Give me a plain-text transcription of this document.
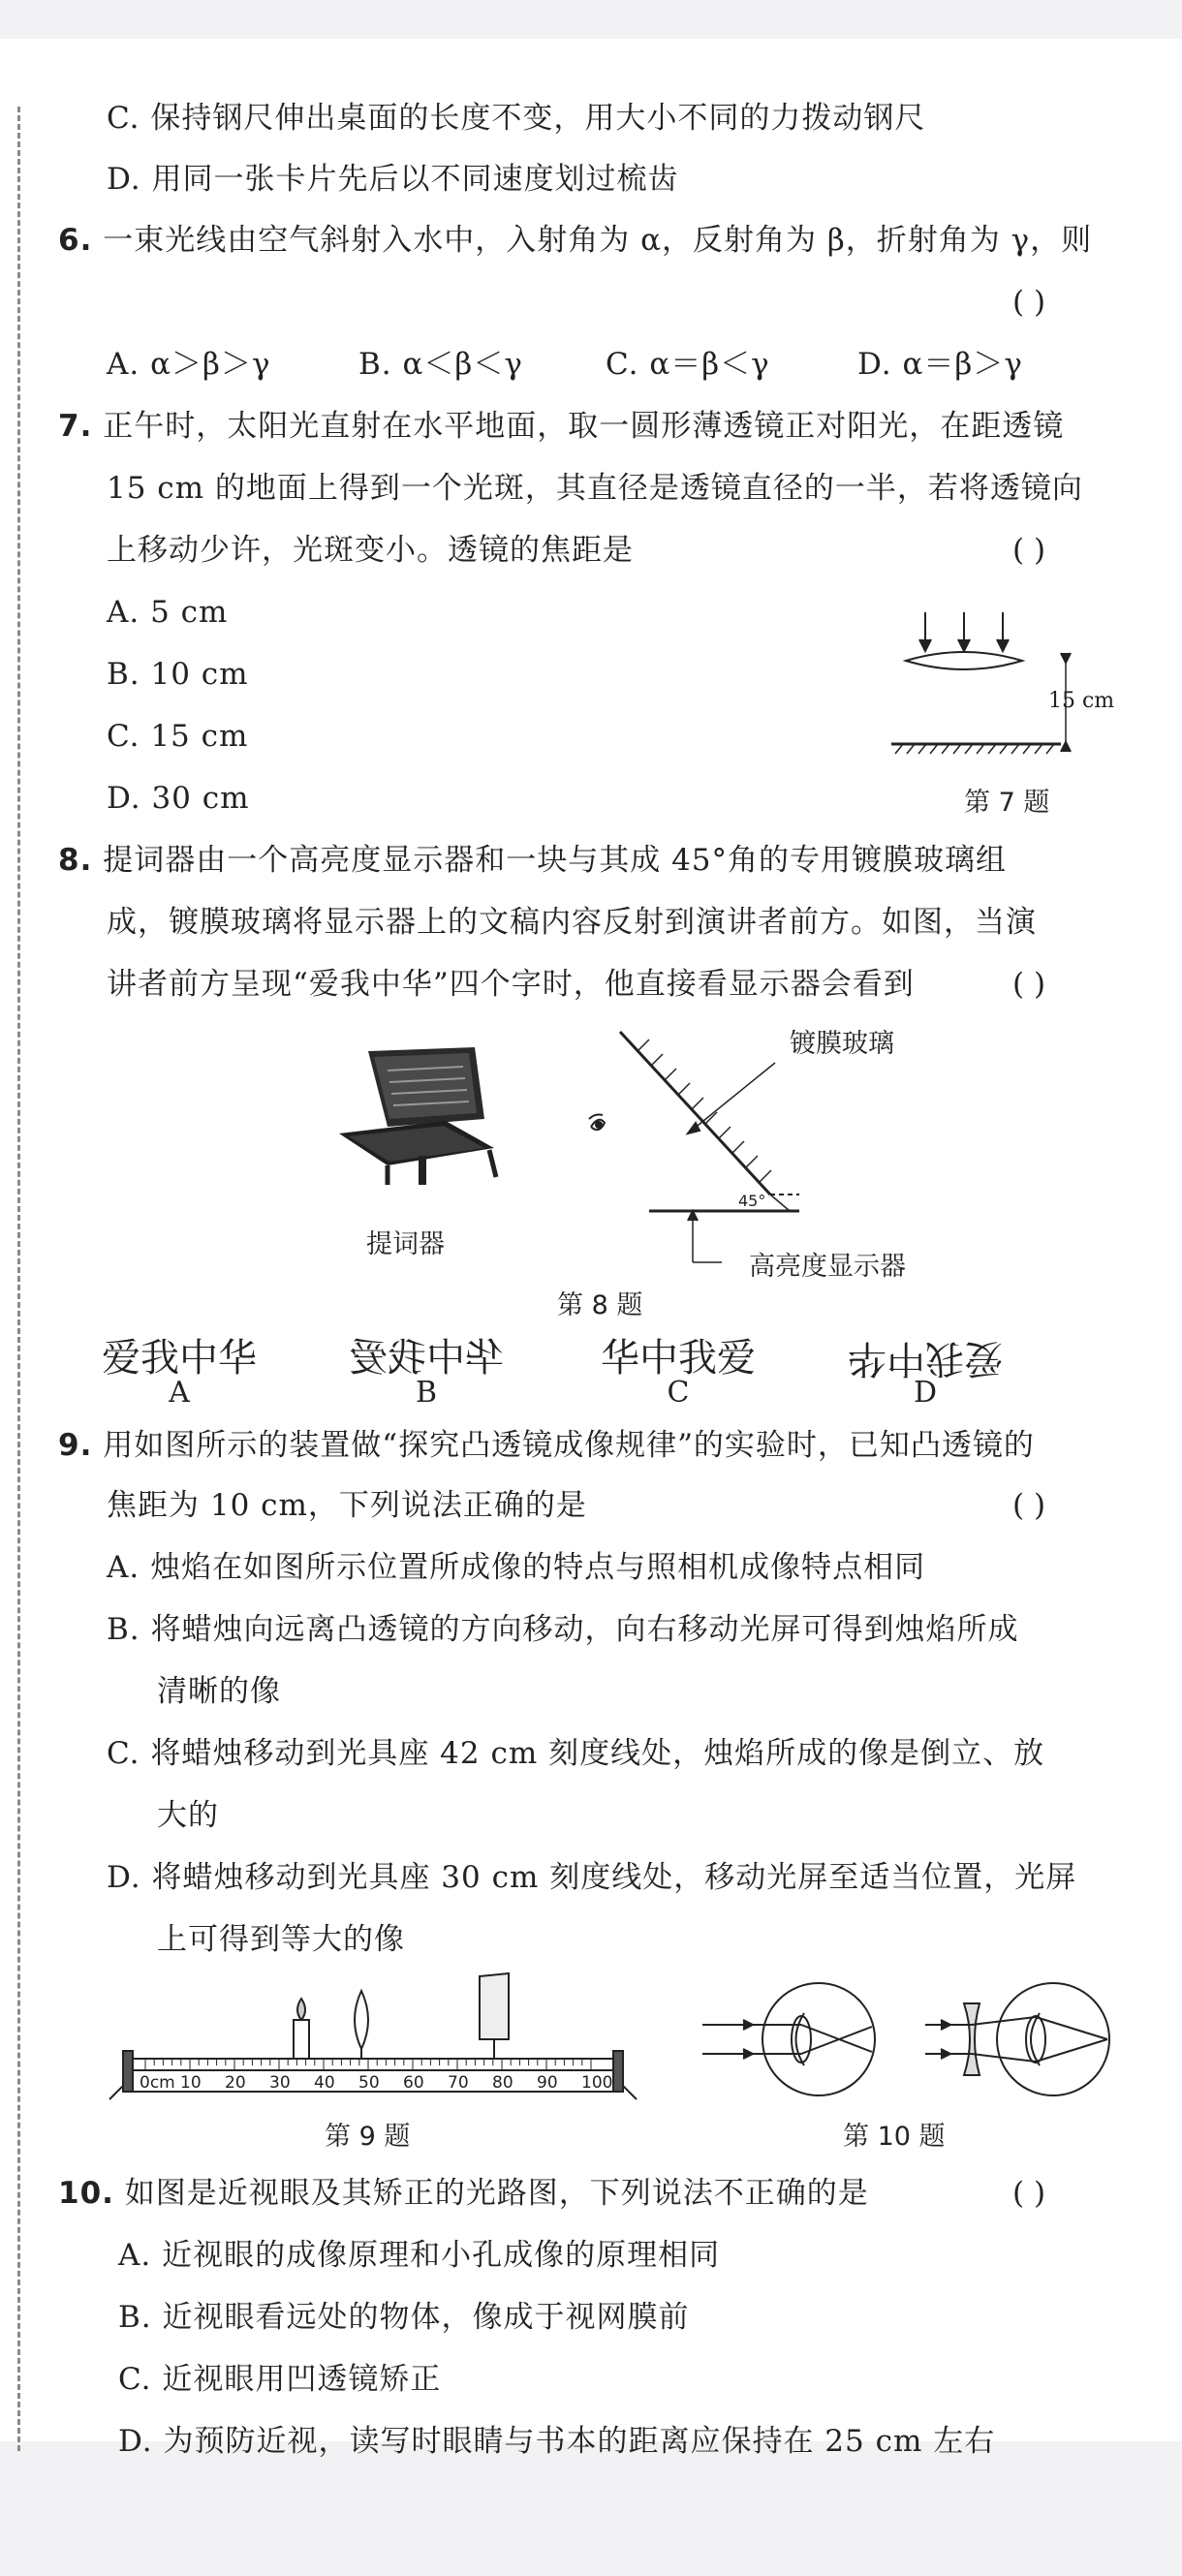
C. 保持钢尺伸出桌面的长度不变，用大小不同的力拨动钢尺
D. 用同一张卡片先后以不同速度划过梳齿
6. 一束光线由空气斜射入水中，入射角为 α，反射角为 β，折射角为 γ，则
( )
A. α＞β＞γ	B. α＜β＜γ	C. α＝β＜γ	D. α＝β＞γ
7. 正午时，太阳光直射在水平地面，取一圆形薄透镜正对阳光，在距透镜
15 cm 的地面上得到一个光斑，其直径是透镜直径的一半，若将透镜向
上移动少许，光斑变小。透镜的焦距是	( )
A. 5 cm
B. 10 cm
C. 15 cm
D. 30 cm
15 cm
第 7 题
8. 提词器由一个高亮度显示器和一块与其成 45°角的专用镀膜玻璃组
成，镀膜玻璃将显示器上的文稿内容反射到演讲者前方。如图，当演
讲者前方呈现“爱我中华”四个字时，他直接看显示器会看到	( )
提词器
45°
镀膜玻璃
高亮度显示器
第 8 题
爱我中华 华中我爱	华中我爱 爱我中华
A	B	C	D
9. 用如图所示的装置做“探究凸透镜成像规律”的实验时，已知凸透镜的
焦距为 10 cm，下列说法正确的是	( )
A. 烛焰在如图所示位置所成像的特点与照相机成像特点相同
B. 将蜡烛向远离凸透镜的方向移动，向右移动光屏可得到烛焰所成
清晰的像
C. 将蜡烛移动到光具座 42 cm 刻度线处，烛焰所成的像是倒立、放
大的
D. 将蜡烛移动到光具座 30 cm 刻度线处，移动光屏至适当位置，光屏
上可得到等大的像
0cm 10 20 30 40 50 60 70 80 90 100
第 9 题	第 10 题
10. 如图是近视眼及其矫正的光路图，下列说法不正确的是	( )
A. 近视眼的成像原理和小孔成像的原理相同
B. 近视眼看远处的物体，像成于视网膜前
C. 近视眼用凹透镜矫正
D. 为预防近视，读写时眼睛与书本的距离应保持在 25 cm 左右
